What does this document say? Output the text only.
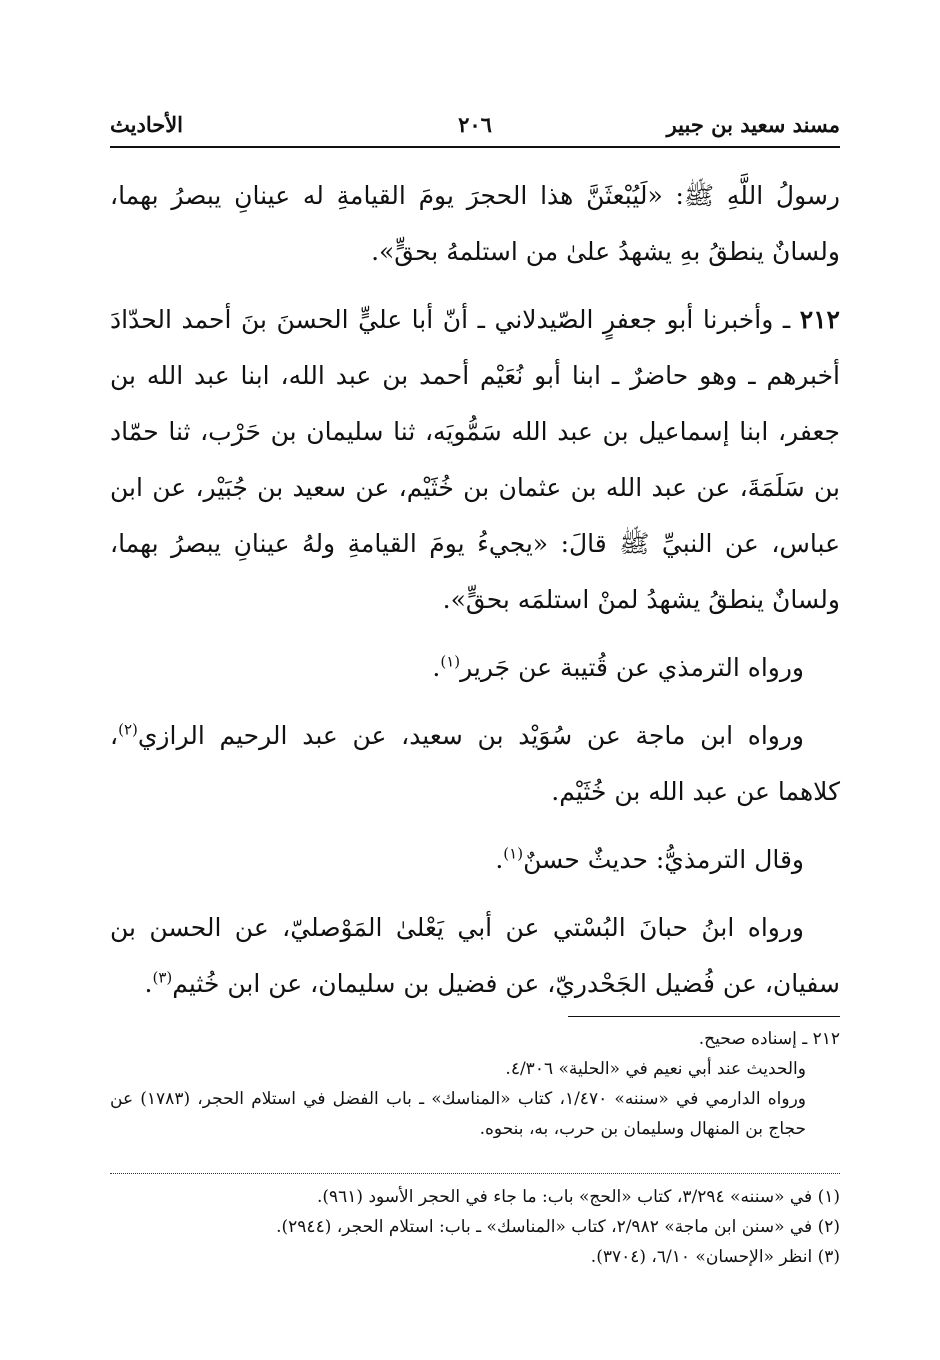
مسند سعيد بن جبير
٢٠٦
الأحاديث

رسولُ اللَّهِ ﷺ: «لَيُبْعثَنَّ هذا الحجرَ يومَ القيامةِ له عينانِ يبصرُ بهما، ولسانٌ ينطقُ بهِ يشهدُ علىٰ من استلمهُ بحقٍّ».

٢١٢ ـ وأخبرنا أبو جعفرٍ الصّيدلاني ـ أنّ أبا عليٍّ الحسنَ بنَ أحمد الحدّادَ أخبرهم ـ وهو حاضرٌ ـ ابنا أبو نُعَيْم أحمد بن عبد الله، ابنا عبد الله بن جعفر، ابنا إسماعيل بن عبد الله سَمُّويَه، ثنا سليمان بن حَرْب، ثنا حمّاد بن سَلَمَةَ، عن عبد الله بن عثمان بن خُثَيْم، عن سعيد بن جُبَيْر، عن ابن عباس، عن النبيِّ ﷺ قالَ: «يجيءُ يومَ القيامةِ ولهُ عينانِ يبصرُ بهما، ولسانٌ ينطقُ يشهدُ لمنْ استلمَه بحقٍّ».

ورواه الترمذي عن قُتيبة عن جَرير$^{(١)}$.

ورواه ابن ماجة عن سُوَيْد بن سعيد، عن عبد الرحيم الرازي$^{(٢)}$، كلاهما عن عبد الله بن خُثَيْم.

وقال الترمذيُّ: حديثٌ حسنٌ$^{(١)}$.

ورواه ابنُ حبانَ البُسْتي عن أبي يَعْلىٰ المَوْصليّ، عن الحسن بن سفيان، عن فُضيل الجَحْدريّ، عن فضيل بن سليمان، عن ابن خُثيم$^{(٣)}$.

٢١٢ ـ إسناده صحيح.

والحديث عند أبي نعيم في «الحلية» ٤/٣٠٦.

ورواه الدارمي في «سننه» ١/٤٧٠، كتاب «المناسك» ـ باب الفضل في استلام الحجر، (١٧٨٣) عن حجاج بن المنهال وسليمان بن حرب، به، بنحوه.

(١) في «سننه» ٣/٢٩٤، كتاب «الحج» باب: ما جاء في الحجر الأسود (٩٦١).

(٢) في «سنن ابن ماجة» ٢/٩٨٢، كتاب «المناسك» ـ باب: استلام الحجر، (٢٩٤٤).

(٣) انظر «الإحسان» ٦/١٠، (٣٧٠٤).
